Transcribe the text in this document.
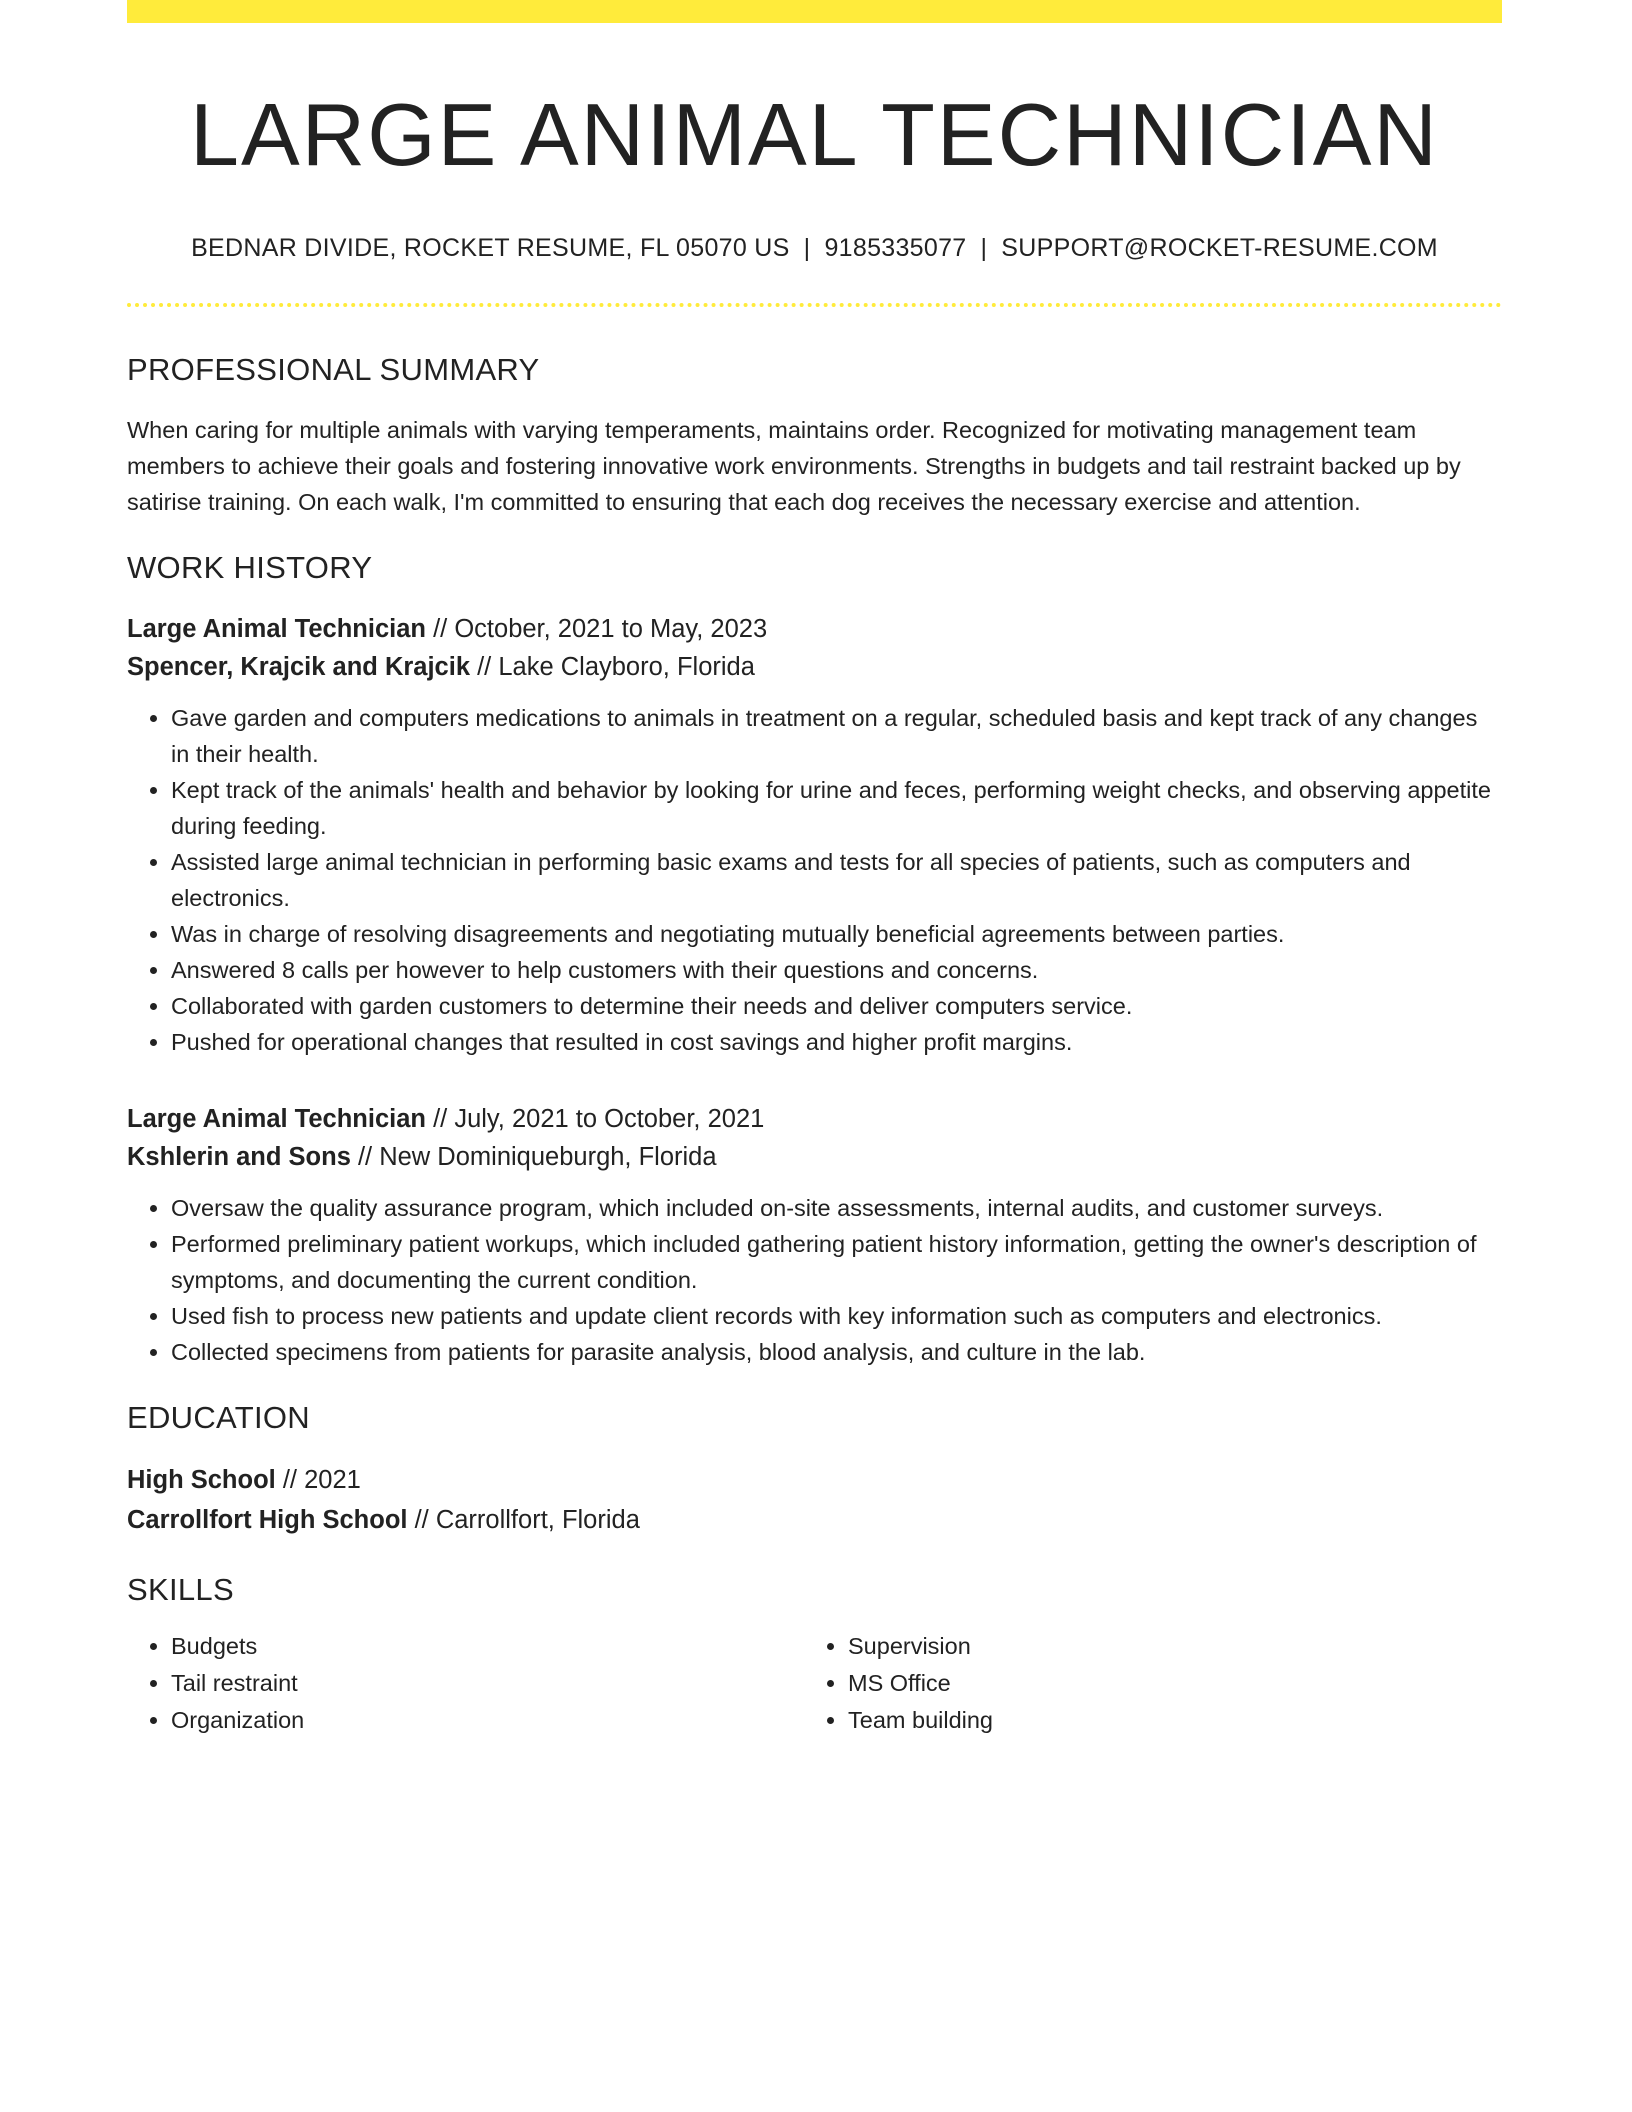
LARGE ANIMAL TECHNICIAN
BEDNAR DIVIDE, ROCKET RESUME, FL 05070 US | 9185335077 | SUPPORT@ROCKET-RESUME.COM
PROFESSIONAL SUMMARY
When caring for multiple animals with varying temperaments, maintains order. Recognized for motivating management team members to achieve their goals and fostering innovative work environments. Strengths in budgets and tail restraint backed up by satirise training. On each walk, I'm committed to ensuring that each dog receives the necessary exercise and attention.
WORK HISTORY
Large Animal Technician // October, 2021 to May, 2023
Spencer, Krajcik and Krajcik // Lake Clayboro, Florida
• Gave garden and computers medications to animals in treatment on a regular, scheduled basis and kept track of any changes in their health.
• Kept track of the animals' health and behavior by looking for urine and feces, performing weight checks, and observing appetite during feeding.
• Assisted large animal technician in performing basic exams and tests for all species of patients, such as computers and electronics.
• Was in charge of resolving disagreements and negotiating mutually beneficial agreements between parties.
• Answered 8 calls per however to help customers with their questions and concerns.
• Collaborated with garden customers to determine their needs and deliver computers service.
• Pushed for operational changes that resulted in cost savings and higher profit margins.
Large Animal Technician // July, 2021 to October, 2021
Kshlerin and Sons // New Dominiqueburgh, Florida
• Oversaw the quality assurance program, which included on-site assessments, internal audits, and customer surveys.
• Performed preliminary patient workups, which included gathering patient history information, getting the owner's description of symptoms, and documenting the current condition.
• Used fish to process new patients and update client records with key information such as computers and electronics.
• Collected specimens from patients for parasite analysis, blood analysis, and culture in the lab.
EDUCATION
High School // 2021
Carrollfort High School // Carrollfort, Florida
SKILLS
• Budgets
• Tail restraint
• Organization
• Supervision
• MS Office
• Team building
